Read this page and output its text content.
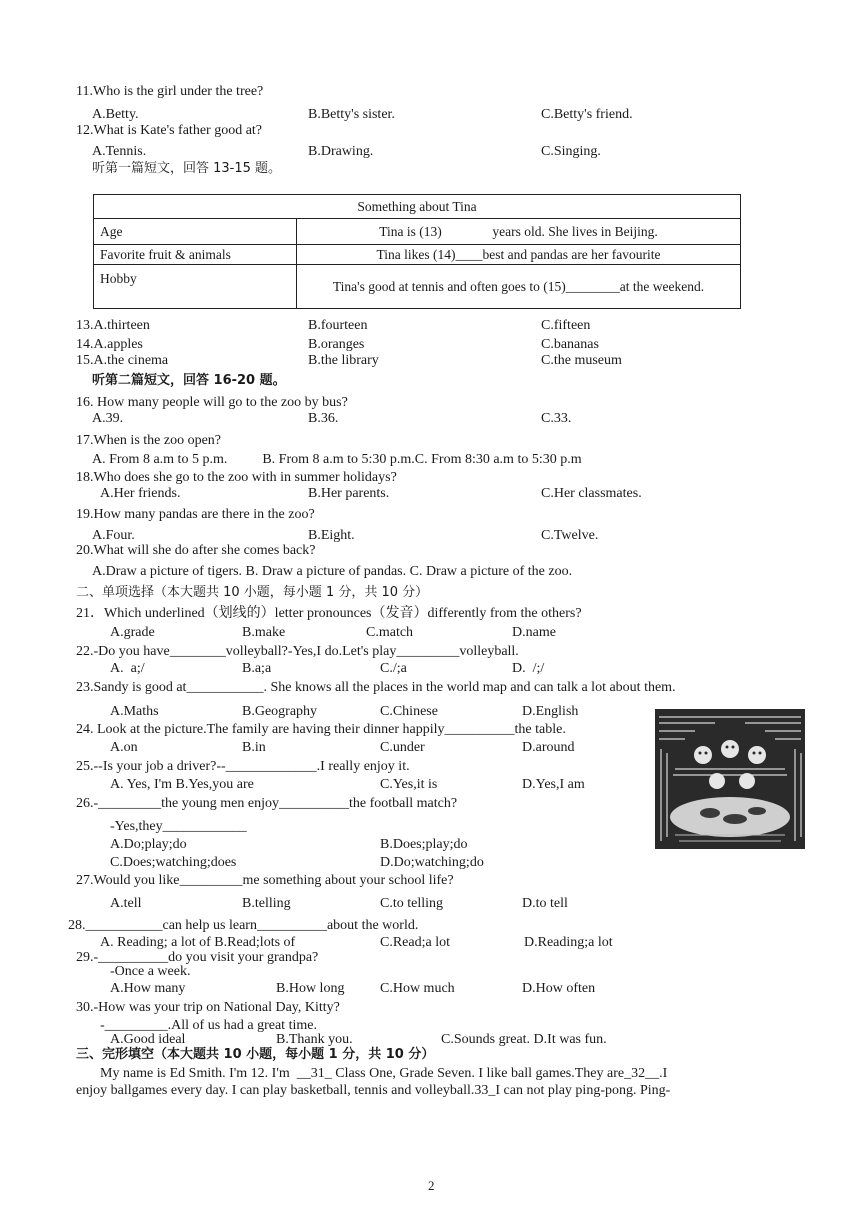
11.Who is the girl under the tree?
A.Betty.	B.Betty's sister.	C.Betty's friend.
12.What is Kate's father good at?
A.Tennis.	B.Drawing.	C.Singing.
听第一篇短文，回答 13-15 题。
Something about Tina	
Age	Tina is (13)               years old. She lives in Beijing.
Favorite fruit & animals	Tina likes (14)____best and pandas are her favourite
Hobby	Tina's good at tennis and often goes to (15)________at the weekend.
13.A.thirteen	B.fourteen	C.fifteen
14.A.apples	B.oranges	C.bananas
15.A.the cinema	B.the library	C.the museum
听第二篇短文，回答 16-20 题。
16. How many people will go to the zoo by bus?
A.39.	B.36.	C.33.
17.When is the zoo open?
A. From 8 a.m to 5 p.m.          B. From 8 a.m to 5:30 p.m.C. From 8:30 a.m to 5:30 p.m
18.Who does she go to the zoo with in summer holidays?
A.Her friends.	B.Her parents.	C.Her classmates.
19.How many pandas are there in the zoo?
A.Four.	B.Eight.	C.Twelve.
20.What will she do after she comes back?
A.Draw a picture of tigers. B. Draw a picture of pandas. C. Draw a picture of the zoo.
二、单项选择（本大题共 10 小题，每小题 1 分，共 10 分）
21．Which underlined（划线的）letter pronounces（发音）differently from the others?
A.grade	B.make	C.match	D.name
22.-Do you have________volleyball?-Yes,I do.Let's play_________volleyball.
A.  a;/	B.a;a	C./;a	D.  /;/
23.Sandy is good at___________. She knows all the places in the world map and can talk a lot about them.
A.Maths	B.Geography	C.Chinese	D.English
24. Look at the picture.The family are having their dinner happily__________the table.
A.on	B.in	C.under	D.around
25.--Is your job a driver?--_____________.I really enjoy it.
A. Yes, I'm B.Yes,you are	C.Yes,it is	D.Yes,I am
26.-_________the young men enjoy__________the football match?
-Yes,they____________
A.Do;play;do	B.Does;play;do
C.Does;watching;does	D.Do;watching;do
27.Would you like_________me something about your school life?
A.tell	B.telling	C.to telling	D.to tell
28.___________can help us learn__________about the world.
A. Reading; a lot of B.Read;lots of	C.Read;a lot	D.Reading;a lot
29.-__________do you visit your grandpa?
-Once a week.
A.How many	B.How long	C.How much	D.How often
30.-How was your trip on National Day, Kitty?
-_________.All of us had a great time.
A.Good ideal	B.Thank you.	C.Sounds great. D.It was fun.
三、完形填空（本大题共 10 小题，每小题 1 分，共 10 分）
My name is Ed Smith. I'm 12. I'm  __31_ Class One, Grade Seven. I like ball games.They are_32__.I
enjoy ballgames every day. I can play basketball, tennis and volleyball.33_I can not play ping-pong. Ping-
2
